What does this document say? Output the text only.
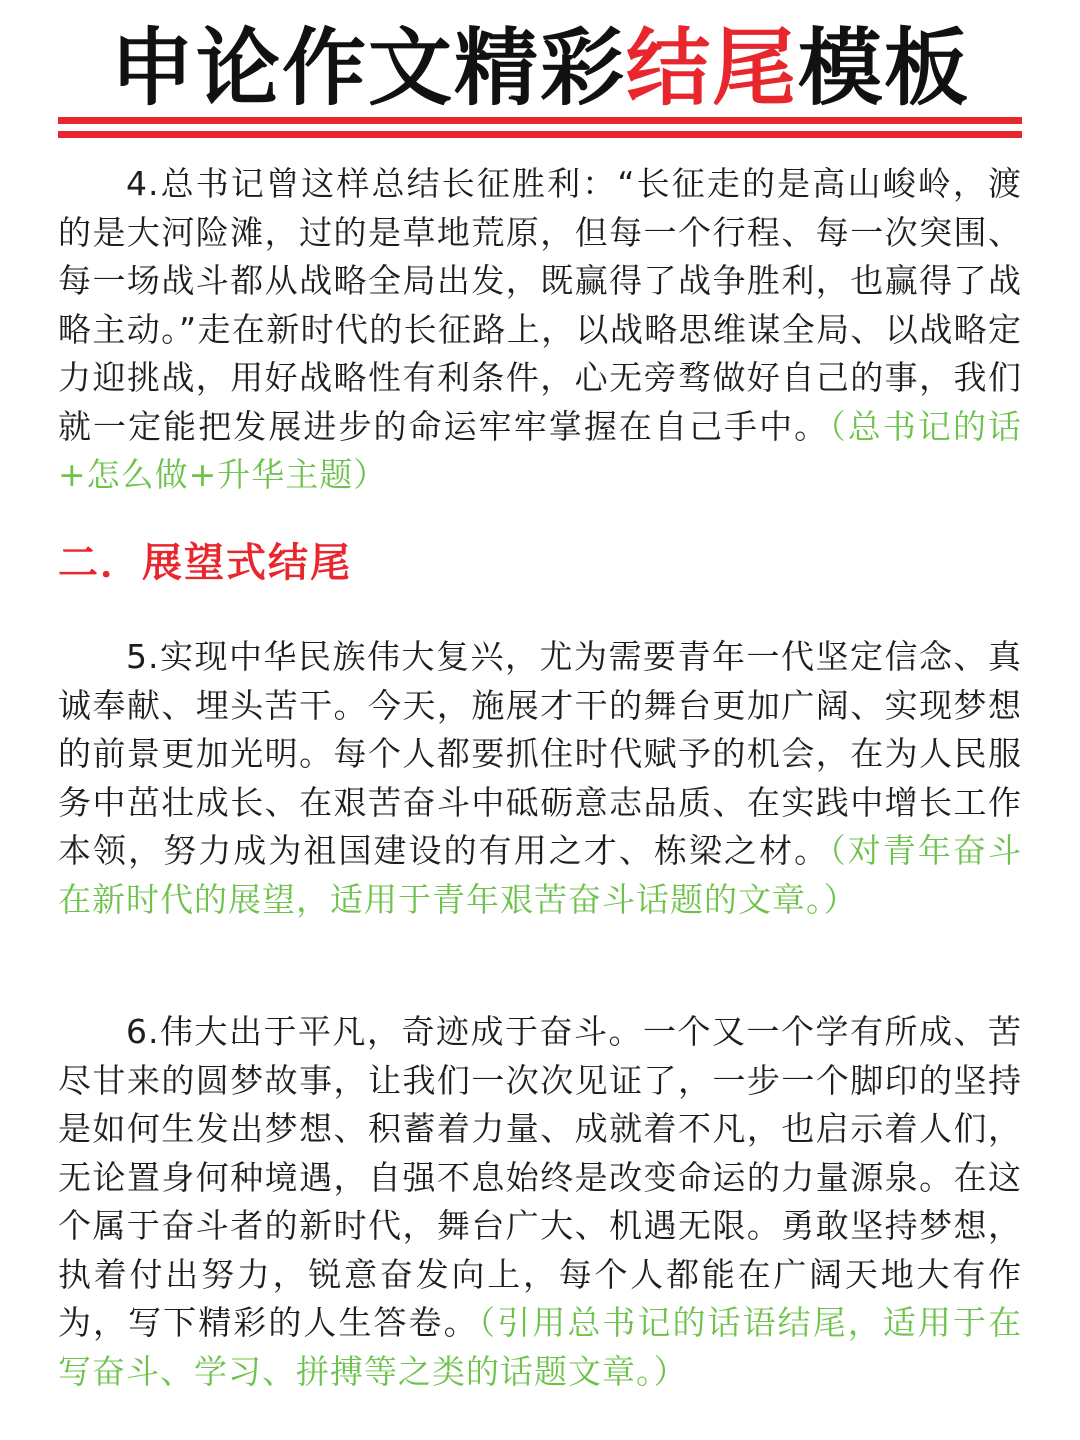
申论作文精彩结尾模板
4.总书记曾这样总结长征胜利：“长征走的是高山峻岭，渡的是大河险滩，过的是草地荒原，但每一个行程、每一次突围、每一场战斗都从战略全局出发，既赢得了战争胜利，也赢得了战略主动。”走在新时代的长征路上，以战略思维谋全局、以战略定力迎挑战，用好战略性有利条件，心无旁骛做好自己的事，我们就一定能把发展进步的命运牢牢掌握在自己手中。（总书记的话+怎么做+升华主题）
二．展望式结尾
5.实现中华民族伟大复兴，尤为需要青年一代坚定信念、真诚奉献、埋头苦干。今天，施展才干的舞台更加广阔、实现梦想的前景更加光明。每个人都要抓住时代赋予的机会，在为人民服务中茁壮成长、在艰苦奋斗中砥砺意志品质、在实践中增长工作本领，努力成为祖国建设的有用之才、栋梁之材。（对青年奋斗在新时代的展望，适用于青年艰苦奋斗话题的文章。）
6.伟大出于平凡，奇迹成于奋斗。一个又一个学有所成、苦尽甘来的圆梦故事，让我们一次次见证了，一步一个脚印的坚持是如何生发出梦想、积蓄着力量、成就着不凡，也启示着人们，无论置身何种境遇，自强不息始终是改变命运的力量源泉。在这个属于奋斗者的新时代，舞台广大、机遇无限。勇敢坚持梦想，执着付出努力，锐意奋发向上，每个人都能在广阔天地大有作为，写下精彩的人生答卷。（引用总书记的话语结尾，适用于在写奋斗、学习、拼搏等之类的话题文章。）
